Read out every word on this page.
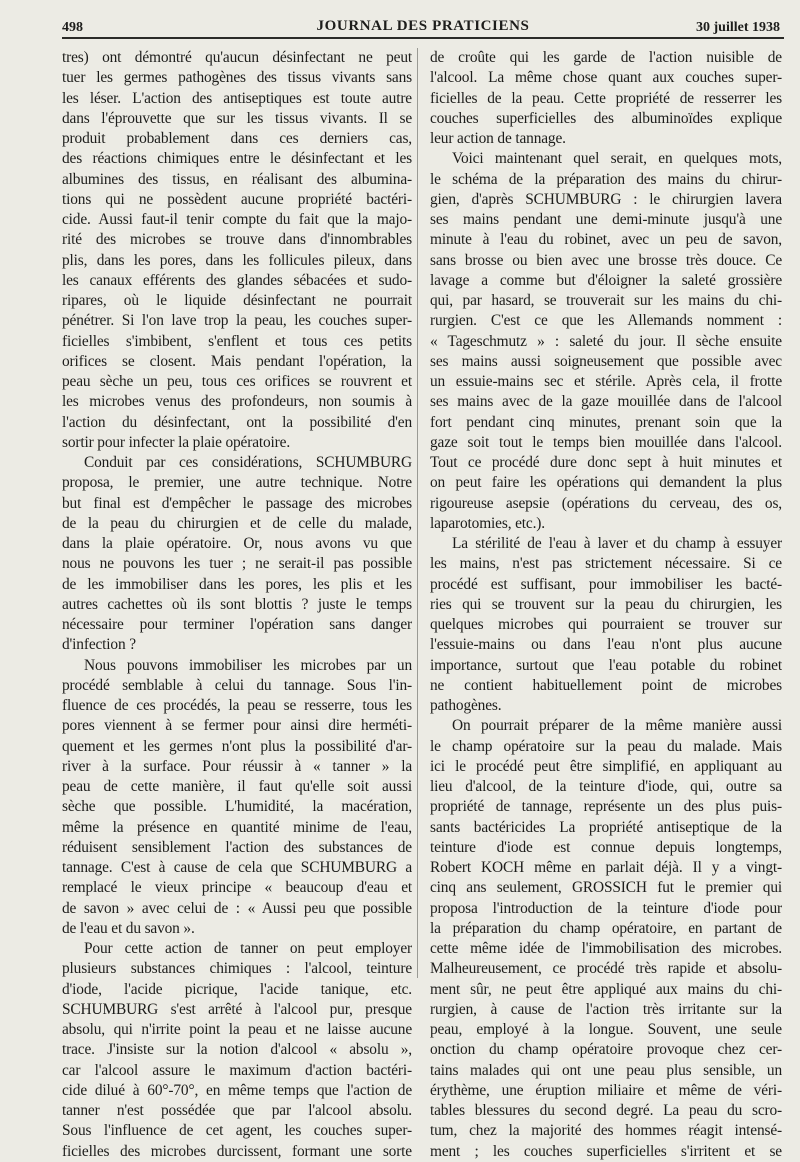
498	JOURNAL DES PRATICIENS	30 juillet 1938
tres) ont démontré qu'aucun désinfectant ne peut
tuer les germes pathogènes des tissus vivants sans
les léser. L'action des antiseptiques est toute autre
dans l'éprouvette que sur les tissus vivants. Il se
produit probablement dans ces derniers cas,
des réactions chimiques entre le désinfectant et les
albumines des tissus, en réalisant des albumina-
tions qui ne possèdent aucune propriété bactéri-
cide. Aussi faut-il tenir compte du fait que la majo-
rité des microbes se trouve dans d'innombrables
plis, dans les pores, dans les follicules pileux, dans
les canaux efférents des glandes sébacées et sudo-
ripares, où le liquide désinfectant ne pourrait
pénétrer. Si l'on lave trop la peau, les couches super-
ficielles s'imbibent, s'enflent et tous ces petits
orifices se closent. Mais pendant l'opération, la
peau sèche un peu, tous ces orifices se rouvrent et
les microbes venus des profondeurs, non soumis à
l'action du désinfectant, ont la possibilité d'en
sortir pour infecter la plaie opératoire.
Conduit par ces considérations, SCHUMBURG
proposa, le premier, une autre technique. Notre
but final est d'empêcher le passage des microbes
de la peau du chirurgien et de celle du malade,
dans la plaie opératoire. Or, nous avons vu que
nous ne pouvons les tuer ; ne serait-il pas possible
de les immobiliser dans les pores, les plis et les
autres cachettes où ils sont blottis ? juste le temps
nécessaire pour terminer l'opération sans danger
d'infection ?
Nous pouvons immobiliser les microbes par un
procédé semblable à celui du tannage. Sous l'in-
fluence de ces procédés, la peau se resserre, tous les
pores viennent à se fermer pour ainsi dire herméti-
quement et les germes n'ont plus la possibilité d'ar-
river à la surface. Pour réussir à « tanner » la
peau de cette manière, il faut qu'elle soit aussi
sèche que possible. L'humidité, la macération,
même la présence en quantité minime de l'eau,
réduisent sensiblement l'action des substances de
tannage. C'est à cause de cela que SCHUMBURG a
remplacé le vieux principe « beaucoup d'eau et
de savon » avec celui de : « Aussi peu que possible
de l'eau et du savon ».
Pour cette action de tanner on peut employer
plusieurs substances chimiques : l'alcool, teinture
d'iode, l'acide picrique, l'acide tanique, etc.
SCHUMBURG s'est arrêté à l'alcool pur, presque
absolu, qui n'irrite point la peau et ne laisse aucune
trace. J'insiste sur la notion d'alcool « absolu »,
car l'alcool assure le maximum d'action bactéri-
cide dilué à 60°-70°, en même temps que l'action de
tanner n'est possédée que par l'alcool absolu.
Sous l'influence de cet agent, les couches super-
ficielles des microbes durcissent, formant une sorte
de croûte qui les garde de l'action nuisible de
l'alcool. La même chose quant aux couches super-
ficielles de la peau. Cette propriété de resserrer les
couches superficielles des albuminoïdes explique
leur action de tannage.
Voici maintenant quel serait, en quelques mots,
le schéma de la préparation des mains du chirur-
gien, d'après SCHUMBURG : le chirurgien lavera
ses mains pendant une demi-minute jusqu'à une
minute à l'eau du robinet, avec un peu de savon,
sans brosse ou bien avec une brosse très douce. Ce
lavage a comme but d'éloigner la saleté grossière
qui, par hasard, se trouverait sur les mains du chi-
rurgien. C'est ce que les Allemands nomment :
« Tageschmutz » : saleté du jour. Il sèche ensuite
ses mains aussi soigneusement que possible avec
un essuie-mains sec et stérile. Après cela, il frotte
ses mains avec de la gaze mouillée dans de l'alcool
fort pendant cinq minutes, prenant soin que la
gaze soit tout le temps bien mouillée dans l'alcool.
Tout ce procédé dure donc sept à huit minutes et
on peut faire les opérations qui demandent la plus
rigoureuse asepsie (opérations du cerveau, des os,
laparotomies, etc.).
La stérilité de l'eau à laver et du champ à essuyer
les mains, n'est pas strictement nécessaire. Si ce
procédé est suffisant, pour immobiliser les bacté-
ries qui se trouvent sur la peau du chirurgien, les
quelques microbes qui pourraient se trouver sur
l'essuie-mains ou dans l'eau n'ont plus aucune
importance, surtout que l'eau potable du robinet
ne contient habituellement point de microbes
pathogènes.
On pourrait préparer de la même manière aussi
le champ opératoire sur la peau du malade. Mais
ici le procédé peut être simplifié, en appliquant au
lieu d'alcool, de la teinture d'iode, qui, outre sa
propriété de tannage, représente un des plus puis-
sants bactéricides La propriété antiseptique de la
teinture d'iode est connue depuis longtemps,
Robert KOCH même en parlait déjà. Il y a vingt-
cinq ans seulement, GROSSICH fut le premier qui
proposa l'introduction de la teinture d'iode pour
la préparation du champ opératoire, en partant de
cette même idée de l'immobilisation des microbes.
Malheureusement, ce procédé très rapide et absolu-
ment sûr, ne peut être appliqué aux mains du chi-
rurgien, à cause de l'action très irritante sur la
peau, employé à la longue. Souvent, une seule
onction du champ opératoire provoque chez cer-
tains malades qui ont une peau plus sensible, un
érythème, une éruption miliaire et même de véri-
tables blessures du second degré. La peau du scro-
tum, chez la majorité des hommes réagit intensé-
ment ; les couches superficielles s'irritent et se
